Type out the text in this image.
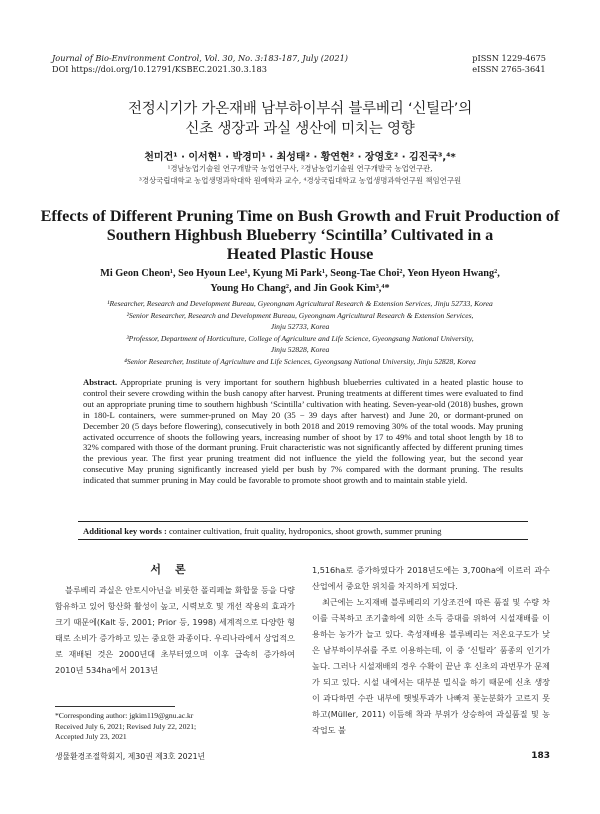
Journal of Bio-Environment Control, Vol. 30, No. 3:183-187, July (2021)
DOI https://doi.org/10.12791/KSBEC.2021.30.3.183
pISSN 1229-4675
eISSN 2765-3641
전정시기가 가온재배 남부하이부쉬 블루베리 ‘신틸라’의
신초 생장과 과실 생산에 미치는 영향
천미건¹ · 이서현¹ · 박경미¹ · 최성태² · 황연현² · 장영호² · 김진국³,⁴*
¹경남농업기술원 연구개발국 농업연구사, ²경남농업기술원 연구개발국 농업연구관,
³경상국립대학교 농업생명과학대학 원예학과 교수, ⁴경상국립대학교 농업생명과학연구원 책임연구원
Effects of Different Pruning Time on Bush Growth and Fruit Production of
Southern Highbush Blueberry ‘Scintilla’ Cultivated in a
Heated Plastic House
Mi Geon Cheon¹, Seo Hyoun Lee¹, Kyung Mi Park¹, Seong-Tae Choi², Yeon Hyeon Hwang²,
Young Ho Chang², and Jin Gook Kim³,⁴*
¹Researcher, Research and Development Bureau, Gyeongnam Agricultural Research & Extension Services, Jinju 52733, Korea
²Senior Researcher, Research and Development Bureau, Gyeongnam Agricultural Research & Extension Services,
Jinju 52733, Korea
³Professor, Department of Horticulture, College of Agriculture and Life Science, Gyeongsang National University,
Jinju 52828, Korea
⁴Senior Researcher, Institute of Agriculture and Life Sciences, Gyeongsang National University, Jinju 52828, Korea
Abstract. Appropriate pruning is very important for southern highbush blueberries cultivated in a heated plastic house to control their severe crowding within the bush canopy after harvest. Pruning treatments at different times were evaluated to find out an appropriate pruning time to southern highbush ‘Scintilla’ cultivation with heating. Seven-year-old (2018) bushes, grown in 180-L containers, were summer-pruned on May 20 (35 − 39 days after harvest) and June 20, or dormant-pruned on December 20 (5 days before flowering), consecutively in both 2018 and 2019 removing 30% of the total woods. May pruning activated occurrence of shoots the following years, increasing number of shoot by 17 to 49% and total shoot length by 18 to 32% compared with those of the dormant pruning. Fruit characteristic was not significantly affected by different pruning times the previous year. The first year pruning treatment did not influence the yield the following year, but the second year consecutive May pruning significantly increased yield per bush by 7% compared with the dormant pruning. The results indicated that summer pruning in May could be favorable to promote shoot growth and to maintain stable yield.
Additional key words : container cultivation, fruit quality, hydroponics, shoot growth, summer pruning
서론
블루베리 과실은 안토시아닌을 비롯한 폴리페놀 화합물 등을 다량 함유하고 있어 항산화 활성이 높고, 시력보호 및 개선 작용의 효과가 크기 때문에(Kalt 등, 2001; Prior 등, 1998) 세계적으로 다양한 형태로 소비가 증가하고 있는 중요한 과종이다. 우리나라에서 상업적으로 재배된 것은 2000년대 초부터였으며 이후 급속히 증가하여 2010년 534ha에서 2013년
1,516ha로 증가하였다가 2018년도에는 3,700ha에 이르러 과수 산업에서 중요한 위치를 차지하게 되었다.
최근에는 노지재배 블루베리의 기상조건에 따른 품질 및 수량 차이를 극복하고 조기출하에 의한 소득 증대를 위하여 시설재배를 이용하는 농가가 늘고 있다. 촉성재배용 블루베리는 저온요구도가 낮은 남부하이부쉬를 주로 이용하는데, 이 중 ‘신틸라’ 품종의 인기가 높다. 그러나 시설재배의 경우 수확이 끝난 후 신초의 과번무가 문제가 되고 있다. 시설 내에서는 대부분 밀식을 하기 때문에 신초 생장이 과다하면 수관 내부에 햇빛투과가 나빠져 꽃눈분화가 고르지 못하고(Müller, 2011) 이듬해 착과 부위가 상승하여 과실품질 및 농작업도 불
*Corresponding author: jgkim119@gnu.ac.kr
Received July 6, 2021; Revised July 22, 2021;
Accepted July 23, 2021
생물환경조절학회지, 제30권 제3호 2021년	183
